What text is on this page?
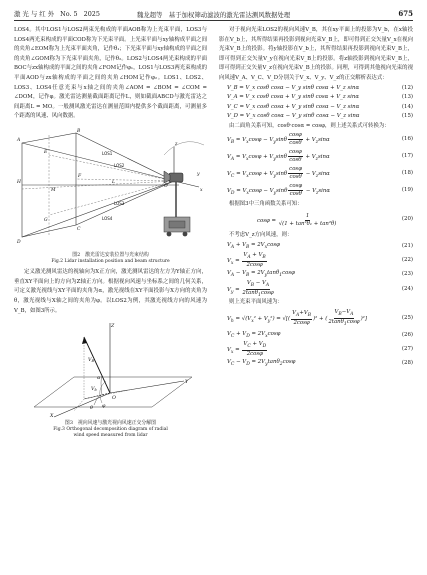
激 光 与 红 外 No. 5 2025	魏龙超等　基于加权筛动滤波的激光雷达测风数据处理	675

LOS4。其中LOS1与LOS2两束光构成的平面AOB称为上光束平面，LOS3与LOS4两光束构成的平面COD称为下光束平面。上光束平面与xy轴构成平面之间的夹角∠EOM称为上光束平面夹角，记作θ₁；下光束平面与xy轴构成的平面之间的夹角∠GOM称为下光束平面夹角，记作θ₂。LOS2与LOS4两光束构成的平面BOC与zx轴构成的平面之间的夹角∠FOM记作φ₁，LOS1与LOS3两光束构成的平面AOD与zx轴构成的平面之间的夹角∠HOM记作φ₂。LOS1、LOS2、LOS3、LOS4任意光束与x轴之间的夹角∠AOM = ∠BOM = ∠COM = ∠DOM，记作φ。激光雷达测量截面距离记作L，则如截面ABCD与激光雷达之间距离L = MO。一般测风激光雷达在测量范围内提供多个截面距离，可测量多个距离的风速、风向数据。

A
B
C
D
E
F
G
H
M
O
L
z
x
y
LOS1
LOS2
LOS3
LOS4
图2　激光雷达安装位置与光束结构
Fig.2 Lidar installation position and beam structure

定义激光测风雷达的视轴向为X正方向，激光测风雷达的左方为Y轴正方向，垂直XY平面向上的方向为Z轴正方向。根据视向风速与坐标系之间的几何关系，可定义激光视线与XY平面的夹角为α，激光视线在XY平面投影与X方向的夹角为θ，激光视线与X轴之间的夹角为φ。以LOS2为例，其激光视线方向的风速为V_B，如图3所示。

Z
Y
X
$V_B$
$V_b$
α
θ φ
O
图3　视向风速与激光视向风速正交分解图
Fig.3 Orthogonal decomposition diagram of radial
wind speed measured from lidar

对于视向光束LOS2的视向风速V_B，其在xy平面上的投影为V_b，在x轴投影在V_b上，其所得结果再投影到视向光束V_B上，即可得到正交矢量V_x在视向光束V_B上的投影。将y轴投影在V_b上，其所得结果再投影到视向光束V_B上，即可得到正交矢量V_y在视向光束V_B上的投影。将z轴投影到视向光束V_B上，即可得到正交矢量V_z在视向光束V_B上的投影。同理，可得到其他视向光束的视向风速V_A、V_C、V_D分别关于V_x、V_y、V_z的正交解析表达式：

V_B = V_x cosθ cosα − V_y sinθ cosα + V_z sinα	(12)
V_A = V_x cosθ cosα + V_y sinθ cosα + V_z sinα	(13)
V_C = V_x cosθ cosα + V_y sinθ cosα − V_z sinα	(14)
V_D = V_x cosθ cosα − V_y sinθ cosα − V_z sinα	(15)

由二面角关系可知，cosθ·cosα = cosφ，则上述关系式可转换为：

$V_B = V_x\cos\varphi - V_y\sin\theta \frac{\cos\varphi}{\cos\theta} + V_z\sin\alpha$	(16)
$V_A = V_x\cos\varphi + V_y\sin\theta \frac{\cos\varphi}{\cos\theta} + V_z\sin\alpha$	(17)
$V_C = V_x\cos\varphi + V_y\sin\theta \frac{\cos\varphi}{\cos\theta} - V_z\sin\alpha$	(18)
$V_D = V_x\cos\varphi - V_y\sin\theta \frac{\cos\varphi}{\cos\theta} - V_z\sin\alpha$	(19)

根据图3中三角函数关系可知：

$\cos\varphi = \frac{1}{\text{√(1 + tan²θ₁ + tan²θ)}}$	(20)

不考虑V_z方向风速，则：

$V_A + V_B = 2V_x\cos\varphi$	(21)
$V_x = \frac{V_A + V_B}{2\cos\varphi}$	(22)
$V_A - V_B = 2V_y\tan\theta_1\cos\varphi$	(23)
$V_y = \frac{V_B - V_A}{2\tan\theta_1\cos\varphi}$	(24)

则上光束平面风速为：

$V_h = √(V_x^2 + V_y^2)$ = √[( $\frac{V_A+V_B}{2\cos\varphi} )^2$ + ( $\frac{V_B-V_A}{2\tan\theta_1\cos\varphi} )^2$]	(25)
$V_C + V_D = 2V_x\cos\varphi$	(26)
$V_x = \frac{V_C + V_D}{2\cos\varphi}$	(27)
$V_C - V_D = 2V_y\tan\theta_2\cos\varphi$	(28)
